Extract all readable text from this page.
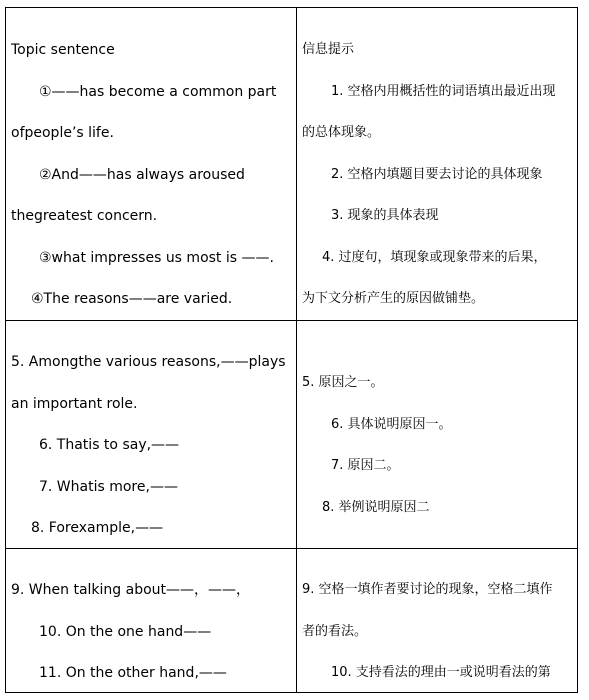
Topic sentence
①——has become a common part
ofpeople’s life.
②And——has always aroused
thegreatest concern.
③what impresses us most is ——.
④The reasons——are varied.
信息提示
1. 空格内用概括性的词语填出最近出现
的总体现象。
2. 空格内填题目要去讨论的具体现象
3. 现象的具体表现
4. 过度句，填现象或现象带来的后果，
为下文分析产生的原因做铺垫。
5. Amongthe various reasons,——plays
an important role.
6. Thatis to say,——
7. Whatis more,——
8. Forexample,——
5. 原因之一。
6. 具体说明原因一。
7. 原因二。
8. 举例说明原因二
9. When talking about——，——，
10. On the one hand——
11. On the other hand,——
9. 空格一填作者要讨论的现象，空格二填作
者的看法。
10. 支持看法的理由一或说明看法的第
